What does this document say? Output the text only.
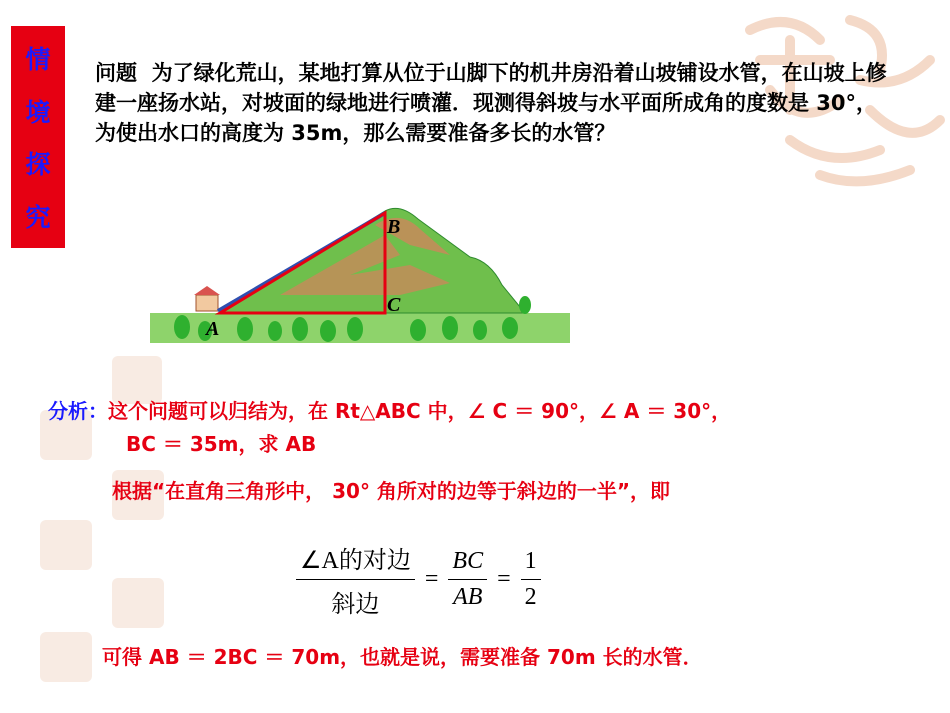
情
境
探
究
问题 为了绿化荒山，某地打算从位于山脚下的机井房沿着山坡铺设水管，在山坡上修建一座扬水站，对坡面的绿地进行喷灌．现测得斜坡与水平面所成角的度数是 30°，为使出水口的高度为 35m，那么需要准备多长的水管？
A
B
C
分析：这个问题可以归结为，在 Rt△ABC 中，∠ C ＝ 90°，∠ A ＝ 30°，
BC ＝ 35m，求 AB
根据“在直角三角形中， 30° 角所对的边等于斜边的一半”，即
$\frac{\text{∠A的对边}}{\text{斜边}} = \frac{BC}{AB} = \frac{1}{2}$
可得 AB ＝ 2BC ＝ 70m，也就是说，需要准备 70m 长的水管．
